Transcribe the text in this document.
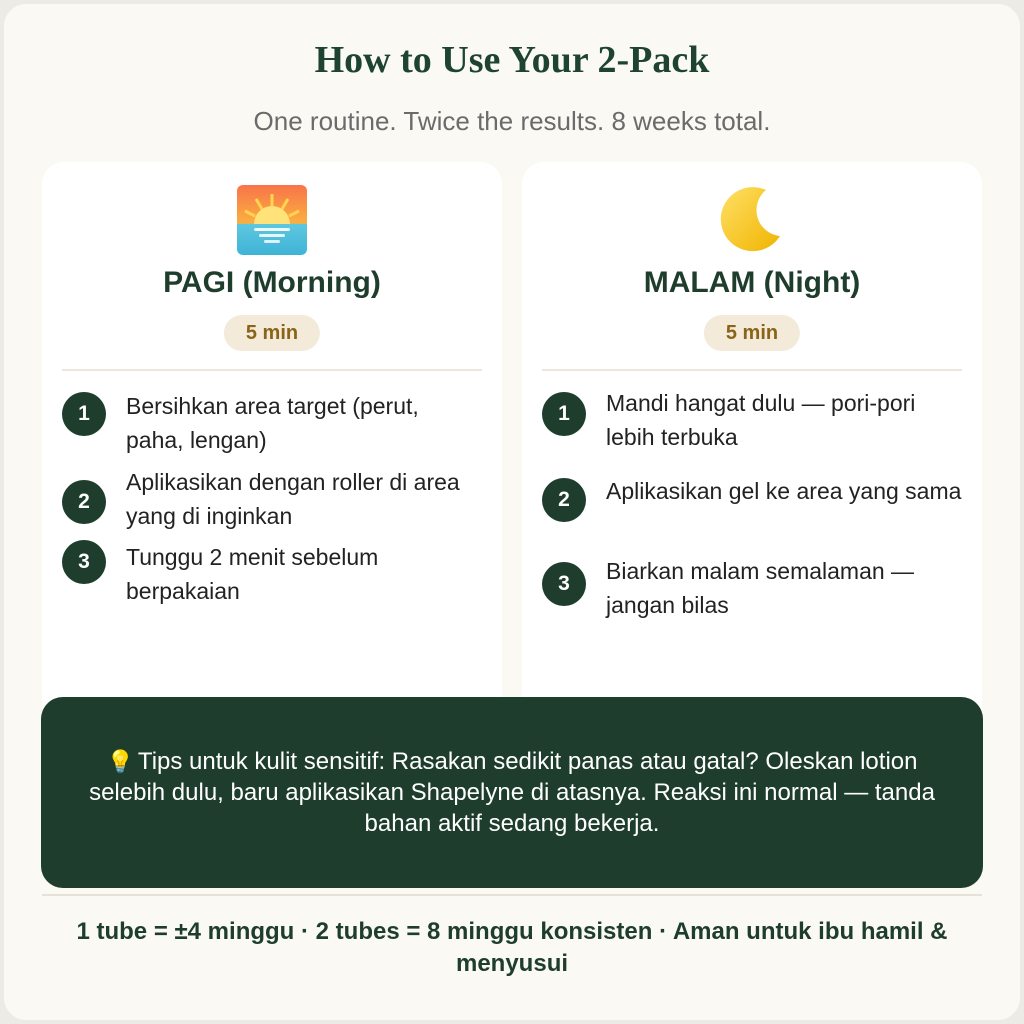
How to Use Your 2-Pack

One routine. Twice the results. 8 weeks total.

PAGI (Morning)
5 min
1	Bersihkan area target (perut, paha, lengan)

2

Aplikasikan dengan roller di area yang di inginkan

3	Tunggu 2 menit sebelum berpakaian

MALAM (Night)
5 min
1	Mandi hangat dulu — pori-pori lebih terbuka

2	Aplikasikan gel ke area yang sama

3	Biarkan malam semalaman — jangan bilas

💡 Tips untuk kulit sensitif: Rasakan sedikit panas atau gatal? Oleskan lotion selebih dulu, baru aplikasikan Shapelyne di atasnya. Reaksi ini normal — tanda bahan aktif sedang bekerja.

1 tube = ±4 minggu · 2 tubes = 8 minggu konsisten · Aman untuk ibu hamil & menyusui
